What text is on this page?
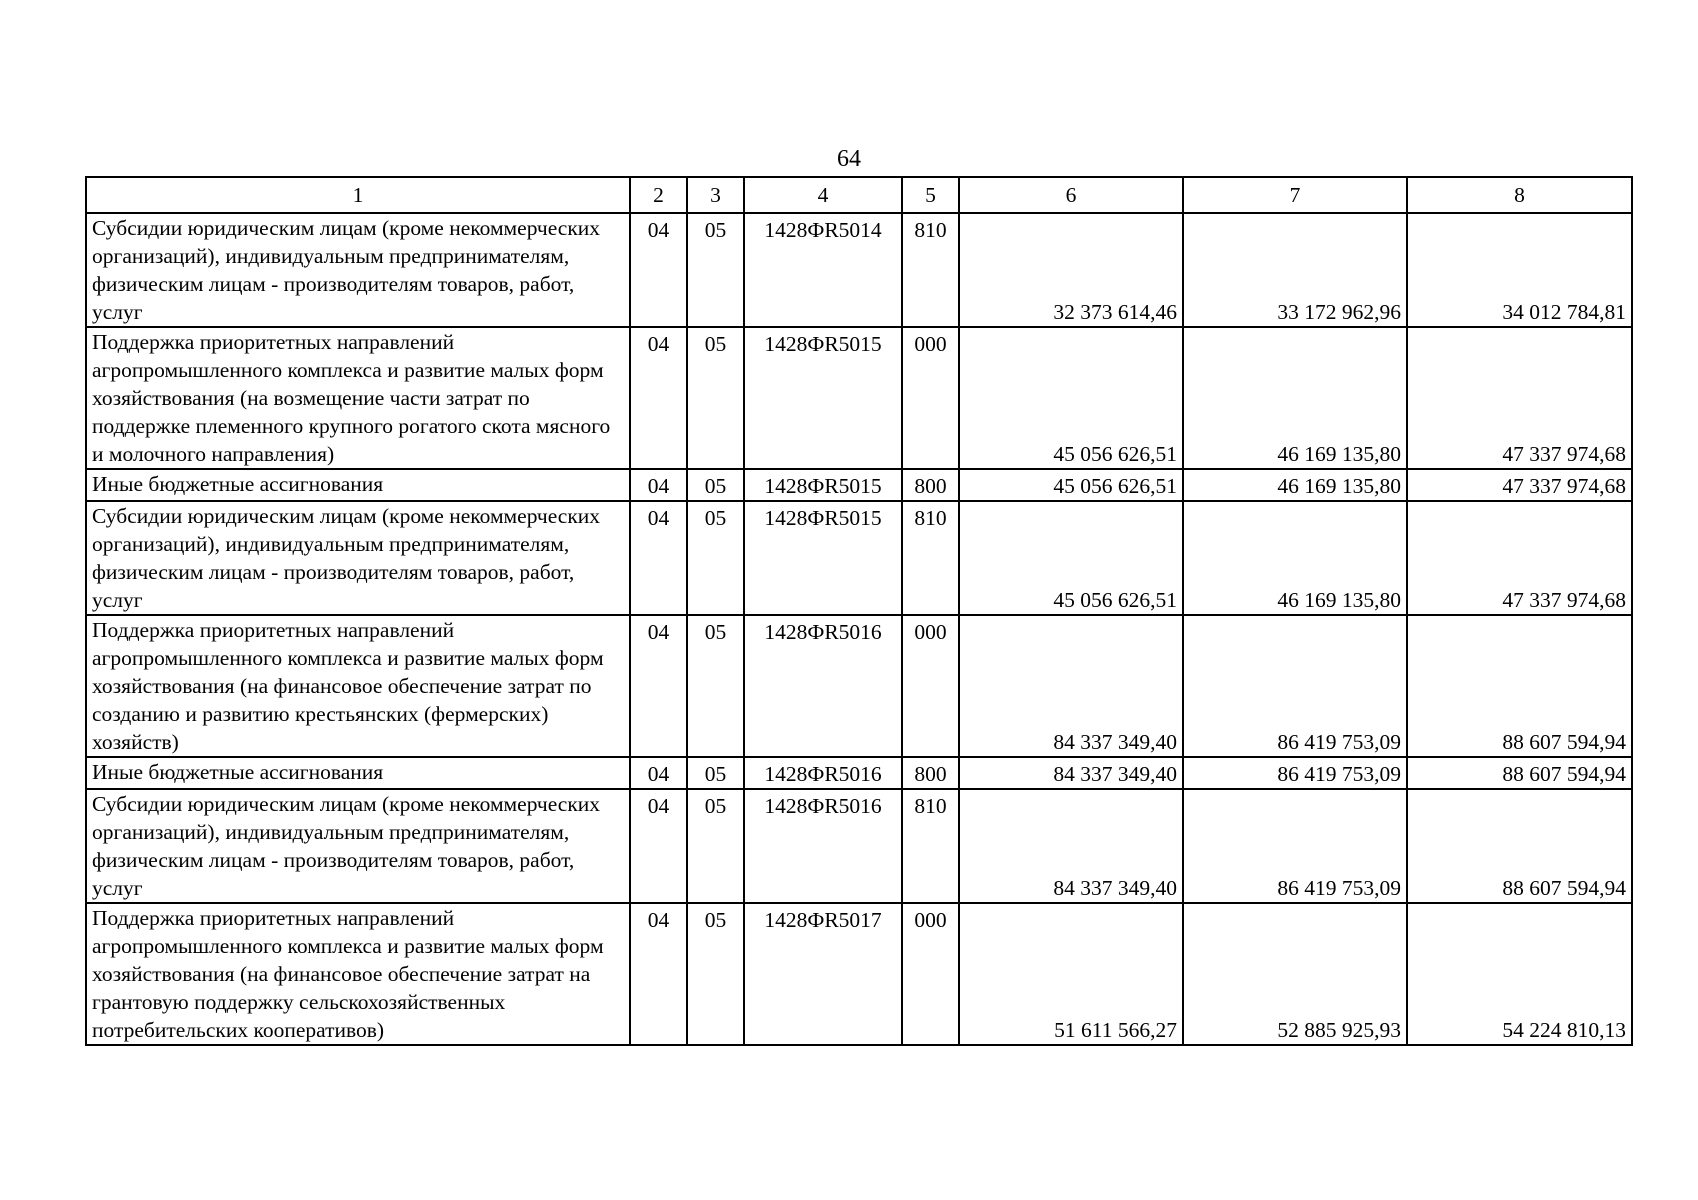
64
1	2	3	4	5	6	7	8
Субсидии юридическим лицам (кроме некоммерческих организаций), индивидуальным предпринимателям, физическим лицам - производителям товаров, работ, услуг	04	05	1428ФR5014	810	32 373 614,46	33 172 962,96	34 012 784,81
Поддержка приоритетных направлений агропромышленного комплекса и развитие малых форм хозяйствования (на возмещение части затрат по поддержке племенного крупного рогатого скота мясного и молочного направления)	04	05	1428ФR5015	000	45 056 626,51	46 169 135,80	47 337 974,68
Иные бюджетные ассигнования	04	05	1428ФR5015	800	45 056 626,51	46 169 135,80	47 337 974,68
Субсидии юридическим лицам (кроме некоммерческих организаций), индивидуальным предпринимателям, физическим лицам - производителям товаров, работ, услуг	04	05	1428ФR5015	810	45 056 626,51	46 169 135,80	47 337 974,68
Поддержка приоритетных направлений агропромышленного комплекса и развитие малых форм хозяйствования (на финансовое обеспечение затрат по созданию и развитию крестьянских (фермерских) хозяйств)	04	05	1428ФR5016	000	84 337 349,40	86 419 753,09	88 607 594,94
Иные бюджетные ассигнования	04	05	1428ФR5016	800	84 337 349,40	86 419 753,09	88 607 594,94
Субсидии юридическим лицам (кроме некоммерческих организаций), индивидуальным предпринимателям, физическим лицам - производителям товаров, работ, услуг	04	05	1428ФR5016	810	84 337 349,40	86 419 753,09	88 607 594,94
Поддержка приоритетных направлений агропромышленного комплекса и развитие малых форм хозяйствования (на финансовое обеспечение затрат на грантовую поддержку сельскохозяйственных потребительских кооперативов)	04	05	1428ФR5017	000	51 611 566,27	52 885 925,93	54 224 810,13
